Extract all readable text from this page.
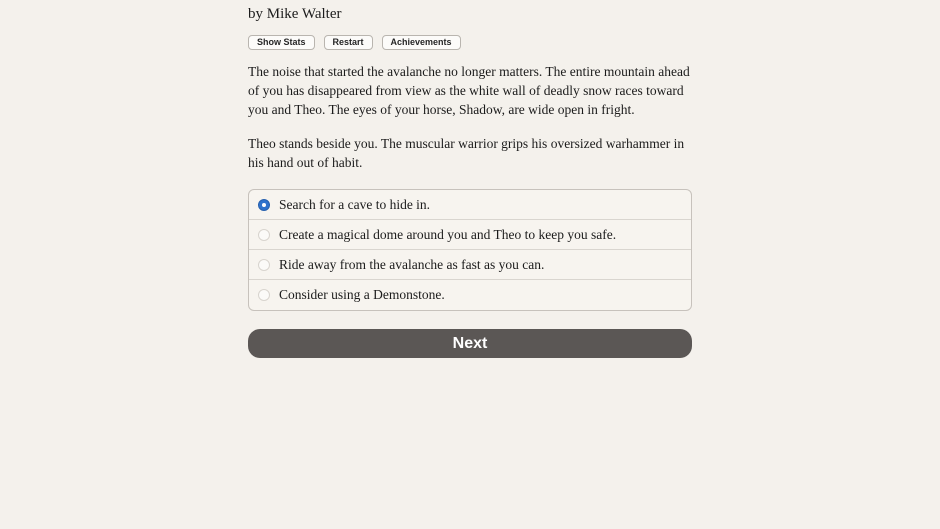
by Mike Walter
Show Stats	Restart	Achievements

The noise that started the avalanche no longer matters. The entire mountain ahead of you has disappeared from view as the white wall of deadly snow races toward you and Theo. The eyes of your horse, Shadow, are wide open in fright.

Theo stands beside you. The muscular warrior grips his oversized warhammer in his hand out of habit.

Search for a cave to hide in.
Create a magical dome around you and Theo to keep you safe.
Ride away from the avalanche as fast as you can.
Consider using a Demonstone.
Next
